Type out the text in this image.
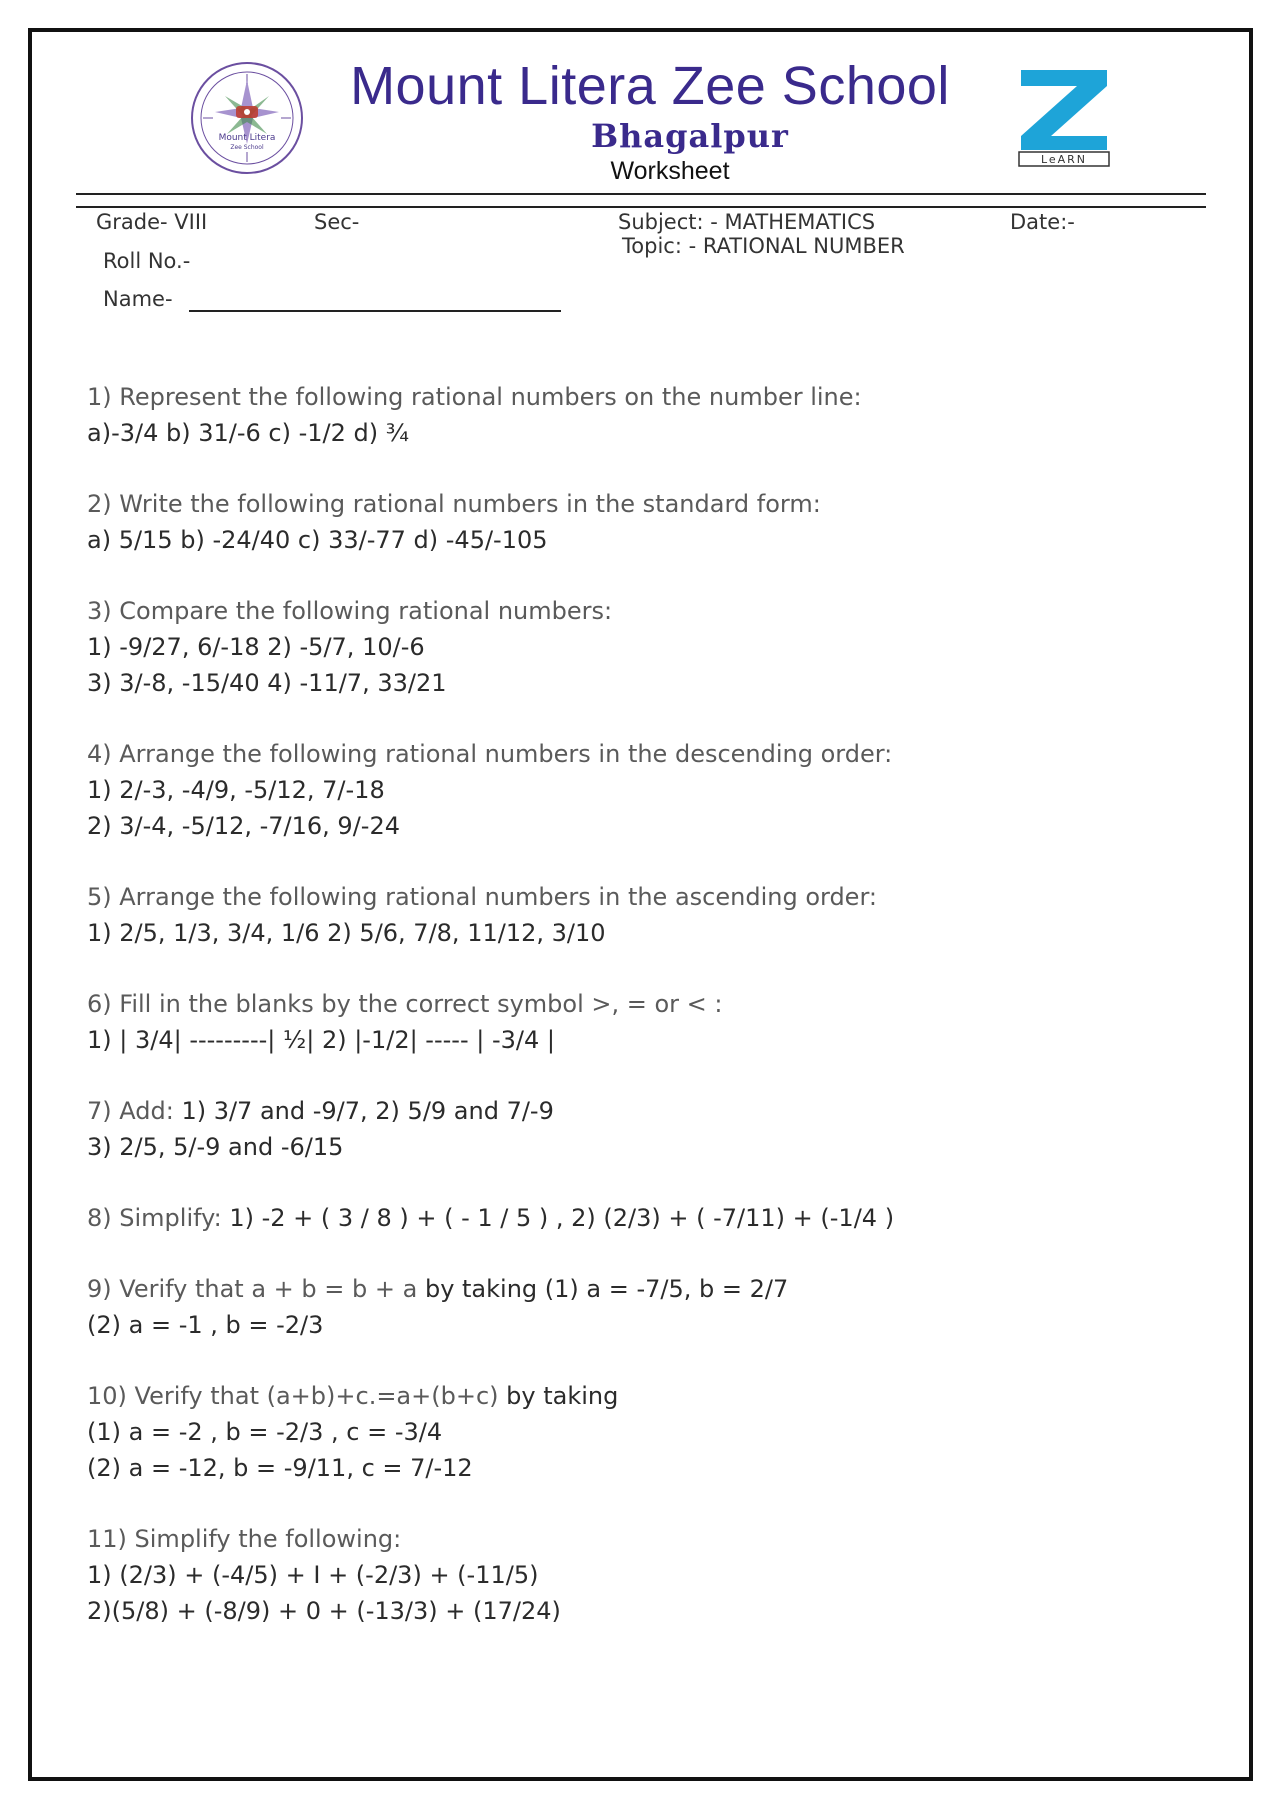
Mount Litera
Zee School
Mount Litera Zee School
Bhagalpur
Worksheet	LeARN
Grade- VIII	Sec-	Subject: - MATHEMATICS
Topic: - RATIONAL NUMBER
Date:-
Roll No.-
Name-
1) Represent the following rational numbers on the number line:
a)-3/4 b) 31/-6 c) -1/2 d) ¾
2) Write the following rational numbers in the standard form:
a) 5/15 b) -24/40 c) 33/-77 d) -45/-105
3) Compare the following rational numbers:
1) -9/27, 6/-18 2) -5/7, 10/-6
3) 3/-8, -15/40 4) -11/7, 33/21
4) Arrange the following rational numbers in the descending order:
1) 2/-3, -4/9, -5/12, 7/-18
2) 3/-4, -5/12, -7/16, 9/-24
5) Arrange the following rational numbers in the ascending order:
1) 2/5, 1/3, 3/4, 1/6 2) 5/6, 7/8, 11/12, 3/10
6) Fill in the blanks by the correct symbol >, = or < :
1) | 3/4| ---------| ½| 2) |-1/2| ----- | -3/4 |
7) Add: 1) 3/7 and -9/7, 2) 5/9 and 7/-9
3) 2/5, 5/-9 and -6/15
8) Simplify: 1) -2 + ( 3 / 8 ) + ( - 1 / 5 ) , 2) (2/3) + ( -7/11) + (-1/4 )
9) Verify that a + b = b + a by taking (1) a = -7/5, b = 2/7
(2) a = -1 , b = -2/3
10) Verify that (a+b)+c.=a+(b+c) by taking
(1) a = -2 , b = -2/3 , c = -3/4
(2) a = -12, b = -9/11, c = 7/-12
11) Simplify the following:
1) (2/3) + (-4/5) + I + (-2/3) + (-11/5)
2)(5/8) + (-8/9) + 0 + (-13/3) + (17/24)
